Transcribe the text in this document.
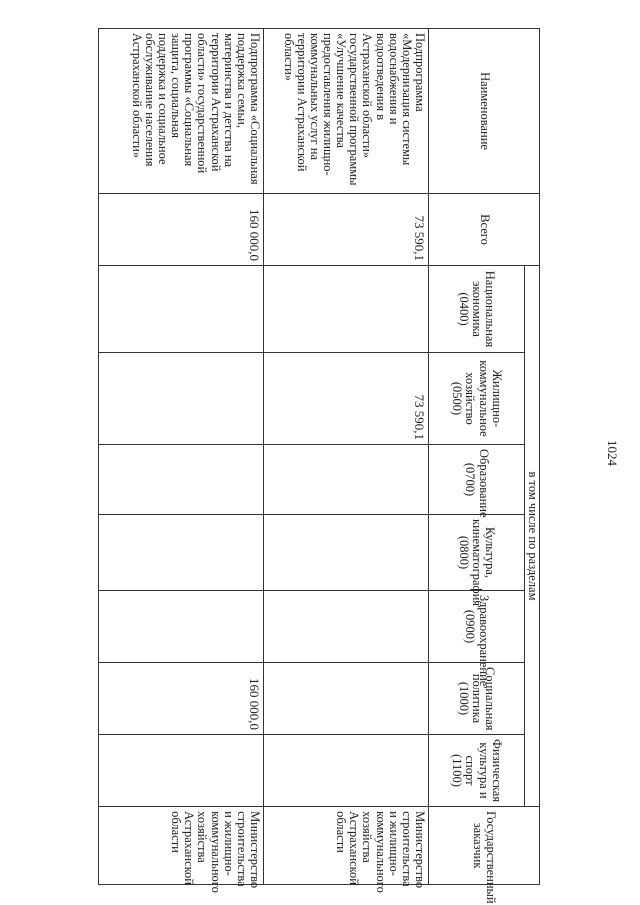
1024
Наименование	Всего	в том числе по разделам							Государственный заказчик
		Национальная экономика (0400)	Жилищно-коммунальное хозяйство (0500)	Образование (0700)	Культура, кинематография (0800)	Здравоохранение (0900)	Социальная политика (1000)	Физическая культура и спорт (1100)	
Подпрограмма «Модернизация системы водоснабжения и водоотведения в Астраханской области» государственной программы «Улучшение качества предоставления жилищно-коммунальных услуг на территории Астраханской области»	73 590,1		73 590,1						Министерство строительства и жилищно-коммунального хозяйства Астраханской области
Подпрограмма «Социальная поддержка семьи, материнства и детства на территории Астраханской области» государственной программы «Социальная защита, социальная поддержка и социальное обслуживание населения Астраханской области»	160 000,0						160 000,0		Министерство строительства и жилищно-коммунального хозяйства Астраханской области
